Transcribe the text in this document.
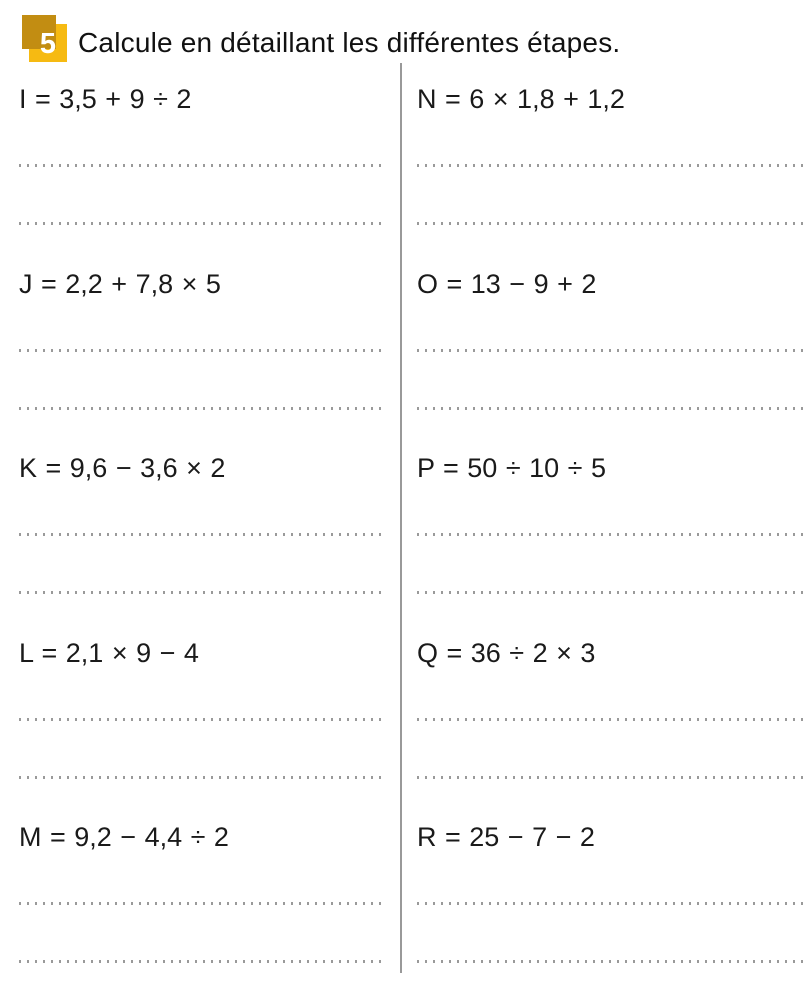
5 Calcule en détaillant les différentes étapes.

I = 3,5 + 9 ÷ 2

J = 2,2 + 7,8 × 5

K = 9,6 − 3,6 × 2

L = 2,1 × 9 − 4

M = 9,2 − 4,4 ÷ 2

N = 6 × 1,8 + 1,2

O = 13 − 9 + 2

P = 50 ÷ 10 ÷ 5

Q = 36 ÷ 2 × 3

R = 25 − 7 − 2
